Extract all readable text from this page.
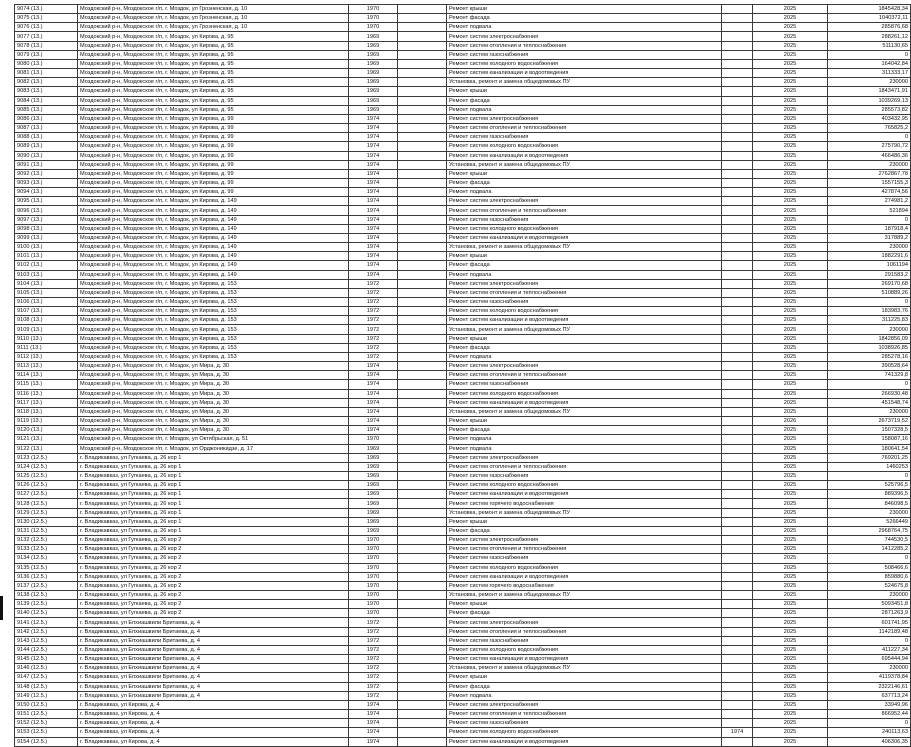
9074 (13.)	Моздокский р-н, Моздокское г/п, г. Моздок, ул Грозненская, д. 10	1970		Ремонт крыши		2025	1845428,34
9075 (13.)	Моздокский р-н, Моздокское г/п, г. Моздок, ул Грозненская, д. 10	1970		Ремонт фасада		2025	1040372,11
9076 (13.)	Моздокский р-н, Моздокское г/п, г. Моздок, ул Грозненская, д. 10	1970		Ремонт подвала		2025	285876,68
9077 (13.)	Моздокский р-н, Моздокское г/п, г. Моздок, ул Кирова, д. 95	1969		Ремонт систем электроснабжения		2025	288261,12
9078 (13.)	Моздокский р-н, Моздокское г/п, г. Моздок, ул Кирова, д. 95	1969		Ремонт систем отопления и теплоснабжения		2025	511130,65
9079 (13.)	Моздокский р-н, Моздокское г/п, г. Моздок, ул Кирова, д. 95	1969		Ремонт систем газоснабжения		2025	0
9080 (13.)	Моздокский р-н, Моздокское г/п, г. Моздок, ул Кирова, д. 95	1969		Ремонт систем холодного водоснабжения		2025	164042,84
9081 (13.)	Моздокский р-н, Моздокское г/п, г. Моздок, ул Кирова, д. 95	1969		Ремонт систем канализации и водоотведения		2025	311333,17
9082 (13.)	Моздокский р-н, Моздокское г/п, г. Моздок, ул Кирова, д. 95	1969		Установка, ремонт и замена общедомовых ПУ		2025	230000
9083 (13.)	Моздокский р-н, Моздокское г/п, г. Моздок, ул Кирова, д. 95	1969		Ремонт крыши		2025	1843471,91
9084 (13.)	Моздокский р-н, Моздокское г/п, г. Моздок, ул Кирова, д. 95	1969		Ремонт фасада		2025	1039269,13
9085 (13.)	Моздокский р-н, Моздокское г/п, г. Моздок, ул Кирова, д. 95	1969		Ремонт подвала		2025	285573,82
9086 (13.)	Моздокский р-н, Моздокское г/п, г. Моздок, ул Кирова, д. 99	1974		Ремонт систем электроснабжения		2025	403432,95
9087 (13.)	Моздокский р-н, Моздокское г/п, г. Моздок, ул Кирова, д. 99	1974		Ремонт систем отопления и теплоснабжения		2025	765825,2
9088 (13.)	Моздокский р-н, Моздокское г/п, г. Моздок, ул Кирова, д. 99	1974		Ремонт систем газоснабжения		2025	0
9089 (13.)	Моздокский р-н, Моздокское г/п, г. Моздок, ул Кирова, д. 99	1974		Ремонт систем холодного водоснабжения		2025	275790,72
9090 (13.)	Моздокский р-н, Моздокское г/п, г. Моздок, ул Кирова, д. 99	1974		Ремонт систем канализации и водоотведения		2025	466486,36
9091 (13.)	Моздокский р-н, Моздокское г/п, г. Моздок, ул Кирова, д. 99	1974		Установка, ремонт и замена общедомовых ПУ		2025	230000
9092 (13.)	Моздокский р-н, Моздокское г/п, г. Моздок, ул Кирова, д. 99	1974		Ремонт крыши		2025	2762867,78
9093 (13.)	Моздокский р-н, Моздокское г/п, г. Моздок, ул Кирова, д. 99	1974		Ремонт фасада		2025	1557155,3
9094 (13.)	Моздокский р-н, Моздокское г/п, г. Моздок, ул Кирова, д. 99	1974		Ремонт подвала		2025	427874,56
9095 (13.)	Моздокский р-н, Моздокское г/п, г. Моздок, ул Кирова, д. 149	1974		Ремонт систем электроснабжения		2025	274981,2
9096 (13.)	Моздокский р-н, Моздокское г/п, г. Моздок, ул Кирова, д. 149	1974		Ремонт систем отопления и теплоснабжения		2025	521894
9097 (13.)	Моздокский р-н, Моздокское г/п, г. Моздок, ул Кирова, д. 149	1974		Ремонт систем газоснабжения		2025	0
9098 (13.)	Моздокский р-н, Моздокское г/п, г. Моздок, ул Кирова, д. 149	1974		Ремонт систем холодного водоснабжения		2025	187918,4
9099 (13.)	Моздокский р-н, Моздокское г/п, г. Моздок, ул Кирова, д. 149	1974		Ремонт систем канализации и водоотведения		2025	317889,2
9100 (13.)	Моздокский р-н, Моздокское г/п, г. Моздок, ул Кирова, д. 149	1974		Установка, ремонт и замена общедомовых ПУ		2025	230000
9101 (13.)	Моздокский р-н, Моздокское г/п, г. Моздок, ул Кирова, д. 149	1974		Ремонт крыши		2025	1882291,6
9102 (13.)	Моздокский р-н, Моздокское г/п, г. Моздок, ул Кирова, д. 149	1974		Ремонт фасада		2025	1061194
9103 (13.)	Моздокский р-н, Моздокское г/п, г. Моздок, ул Кирова, д. 149	1974		Ремонт подвала		2025	291583,2
9104 (13.)	Моздокский р-н, Моздокское г/п, г. Моздок, ул Кирова, д. 153	1972		Ремонт систем электроснабжения		2025	269170,68
9105 (13.)	Моздокский р-н, Моздокское г/п, г. Моздок, ул Кирова, д. 153	1972		Ремонт систем отопления и теплоснабжения		2025	510889,26
9106 (13.)	Моздокский р-н, Моздокское г/п, г. Моздок, ул Кирова, д. 153	1972		Ремонт систем газоснабжения		2025	0
9107 (13.)	Моздокский р-н, Моздокское г/п, г. Моздок, ул Кирова, д. 153	1972		Ремонт систем холодного водоснабжения		2025	183983,76
9108 (13.)	Моздокский р-н, Моздокское г/п, г. Моздок, ул Кирова, д. 153	1972		Ремонт систем канализации и водоотведения		2025	311225,83
9109 (13.)	Моздокский р-н, Моздокское г/п, г. Моздок, ул Кирова, д. 153	1972		Установка, ремонт и замена общедомовых ПУ		2025	230000
9110 (13.)	Моздокский р-н, Моздокское г/п, г. Моздок, ул Кирова, д. 153	1972		Ремонт крыши		2025	1842856,09
9111 (13.)	Моздокский р-н, Моздокское г/п, г. Моздок, ул Кирова, д. 153	1972		Ремонт фасада		2025	1038926,85
9112 (13.)	Моздокский р-н, Моздокское г/п, г. Моздок, ул Кирова, д. 153	1972		Ремонт подвала		2025	285278,16
9113 (13.)	Моздокский р-н, Моздокское г/п, г. Моздок, ул Мира, д. 30	1974		Ремонт систем электроснабжения		2025	390528,64
9114 (13.)	Моздокский р-н, Моздокское г/п, г. Моздок, ул Мира, д. 30	1974		Ремонт систем отопления и теплоснабжения		2025	741329,8
9115 (13.)	Моздокский р-н, Моздокское г/п, г. Моздок, ул Мира, д. 30	1974		Ремонт систем газоснабжения		2025	0
9116 (13.)	Моздокский р-н, Моздокское г/п, г. Моздок, ул Мира, д. 30	1974		Ремонт систем холодного водоснабжения		2025	266930,48
9117 (13.)	Моздокский р-н, Моздокское г/п, г. Моздок, ул Мира, д. 30	1974		Ремонт систем канализации и водоотведения		2025	451548,74
9118 (13.)	Моздокский р-н, Моздокское г/п, г. Моздок, ул Мира, д. 30	1974		Установка, ремонт и замена общедомовых ПУ		2025	230000
9119 (13.)	Моздокский р-н, Моздокское г/п, г. Моздок, ул Мира, д. 30	1974		Ремонт крыши		2026	2673719,52
9120 (13.)	Моздокский р-н, Моздокское г/п, г. Моздок, ул Мира, д. 30	1974		Ремонт фасада		2025	1507328,5
9121 (13.)	Моздокский р-н, Моздокское г/п, г. Моздок, ул Октябрьская, д. 51	1970		Ремонт подвала		2025	158087,16
9122 (13.)	Моздокский р-н, Моздокское г/п, г. Моздок, ул Орджоникидзе, д. 17	1969		Ремонт подвала		2025	180641,54
9123 (12.5.)	г. Владикавказ, ул Гугкаева, д. 26 кор 1	1969		Ремонт систем электроснабжения		2025	769201,25
9124 (12.5.)	г. Владикавказ, ул Гугкаева, д. 26 кор 1	1969		Ремонт систем отопления и теплоснабжения		2025	1460253
9125 (12.5.)	г. Владикавказ, ул Гугкаева, д. 26 кор 1	1969		Ремонт систем газоснабжения		2025	0
9126 (12.5.)	г. Владикавказ, ул Гугкаева, д. 26 кор 1	1969		Ремонт систем холодного водоснабжения		2025	525796,5
9127 (12.5.)	г. Владикавказ, ул Гугкаева, д. 26 кор 1	1969		Ремонт систем канализации и водоотведения		2025	889396,5
9128 (12.5.)	г. Владикавказ, ул Гугкаева, д. 26 кор 1	1969		Ремонт систем горячего водоснабжения		2025	846098,5
9129 (12.5.)	г. Владикавказ, ул Гугкаева, д. 26 кор 1	1969		Установка, ремонт и замена общедомовых ПУ		2025	230000
9130 (12.5.)	г. Владикавказ, ул Гугкаева, д. 26 кор 1	1969		Ремонт крыши		2025	5266449
9131 (12.5.)	г. Владикавказ, ул Гугкаева, д. 26 кор 1	1969		Ремонт фасада		2025	2968764,75
9132 (12.5.)	г. Владикавказ, ул Гугкаева, д. 26 кор 2	1970		Ремонт систем электроснабжения		2025	744530,5
9133 (12.5.)	г. Владикавказ, ул Гугкаева, д. 26 кор 2	1970		Ремонт систем отопления и теплоснабжения		2025	1412285,2
9134 (12.5.)	г. Владикавказ, ул Гугкаева, д. 26 кор 2	1970		Ремонт систем газоснабжения		2025	0
9135 (12.5.)	г. Владикавказ, ул Гугкаева, д. 26 кор 2	1970		Ремонт систем холодного водоснабжения		2025	508466,6
9136 (12.5.)	г. Владикавказ, ул Гугкаева, д. 26 кор 2	1970		Ремонт систем канализации и водоотведения		2025	859880,6
9137 (12.5.)	г. Владикавказ, ул Гугкаева, д. 26 кор 2	1970		Ремонт систем горячего водоснабжения		2025	524675,8
9138 (12.5.)	г. Владикавказ, ул Гугкаева, д. 26 кор 2	1970		Установка, ремонт и замена общедомовых ПУ		2025	230000
9139 (12.5.)	г. Владикавказ, ул Гугкаева, д. 26 кор 2	1970		Ремонт крыши		2025	5093451,8
9140 (12.5.)	г. Владикавказ, ул Гугкаева, д. 26 кор 2	1970		Ремонт фасада		2025	2871263,9
9141 (12.5.)	г. Владикавказ, ул Епхиашвили Бритаева, д. 4	1972		Ремонт систем электроснабжения		2025	601741,95
9142 (12.5.)	г. Владикавказ, ул Епхиашвили Бритаева, д. 4	1972		Ремонт систем отопления и теплоснабжения		2025	1142189,48
9143 (12.5.)	г. Владикавказ, ул Епхиашвили Бритаева, д. 4	1972		Ремонт систем газоснабжения		2025	0
9144 (12.5.)	г. Владикавказ, ул Епхиашвили Бритаева, д. 4	1972		Ремонт систем холодного водоснабжения		2025	411227,34
9145 (12.5.)	г. Владикавказ, ул Епхиашвили Бритаева, д. 4	1972		Ремонт систем канализации и водоотведения		2025	695444,94
9146 (12.5.)	г. Владикавказ, ул Епхиашвили Бритаева, д. 4	1972		Установка, ремонт и замена общедомовых ПУ		2025	230000
9147 (12.5.)	г. Владикавказ, ул Епхиашвили Бритаева, д. 4	1972		Ремонт крыши		2025	4119378,84
9148 (12.5.)	г. Владикавказ, ул Епхиашвили Бритаева, д. 4	1972		Ремонт фасада		2025	2322146,61
9149 (12.5.)	г. Владикавказ, ул Епхиашвили Бритаева, д. 4	1972		Ремонт подвала		2025	637713,24
9150 (12.5.)	г. Владикавказ, ул Кирова, д. 4	1974		Ремонт систем электроснабжения		2025	33949,96
9151 (12.5.)	г. Владикавказ, ул Кирова, д. 4	1974		Ремонт систем отопления и теплоснабжения		2025	866952,44
9152 (12.5.)	г. Владикавказ, ул Кирова, д. 4	1974		Ремонт систем газоснабжения		2025	0
9153 (12.5.)	г. Владикавказ, ул Кирова, д. 4	1974		Ремонт систем холодного водоснабжения	1974	2025	240113,63
9154 (12.5.)	г. Владикавказ, ул Кирова, д. 4	1974		Ремонт систем канализации и водоотведения		2025	406306,35
